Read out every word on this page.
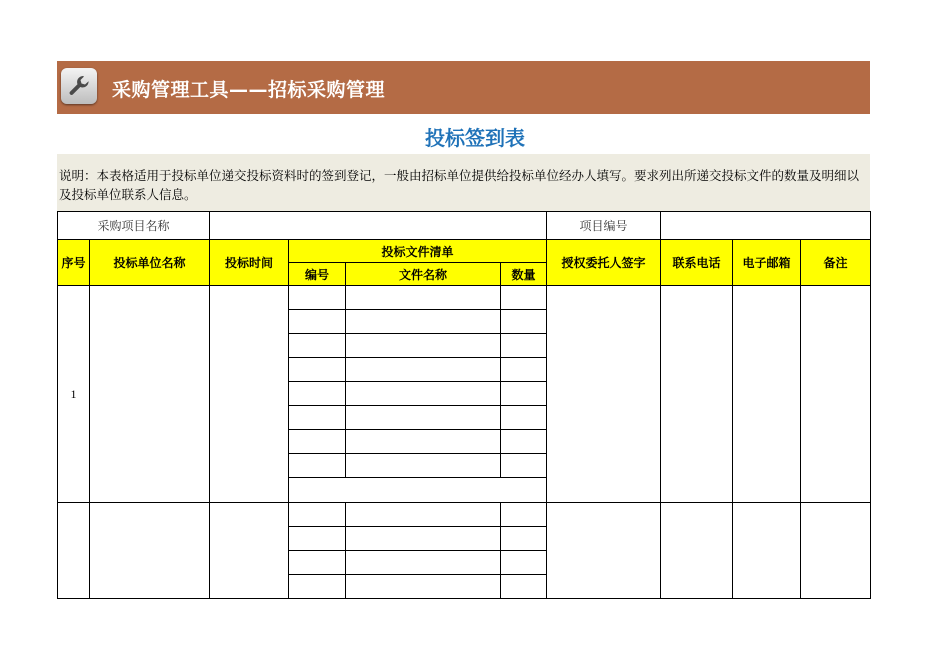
采购管理工具——招标采购管理
投标签到表
说明：本表格适用于投标单位递交投标资料时的签到登记，一般由招标单位提供给投标单位经办人填写。要求列出所递交投标文件的数量及明细以及投标单位联系人信息。
采购项目名称						项目编号			
序号	投标单位名称	投标时间	投标文件清单			授权委托人签字	联系电话	电子邮箱	备注
			编号	文件名称	数量				
1									
